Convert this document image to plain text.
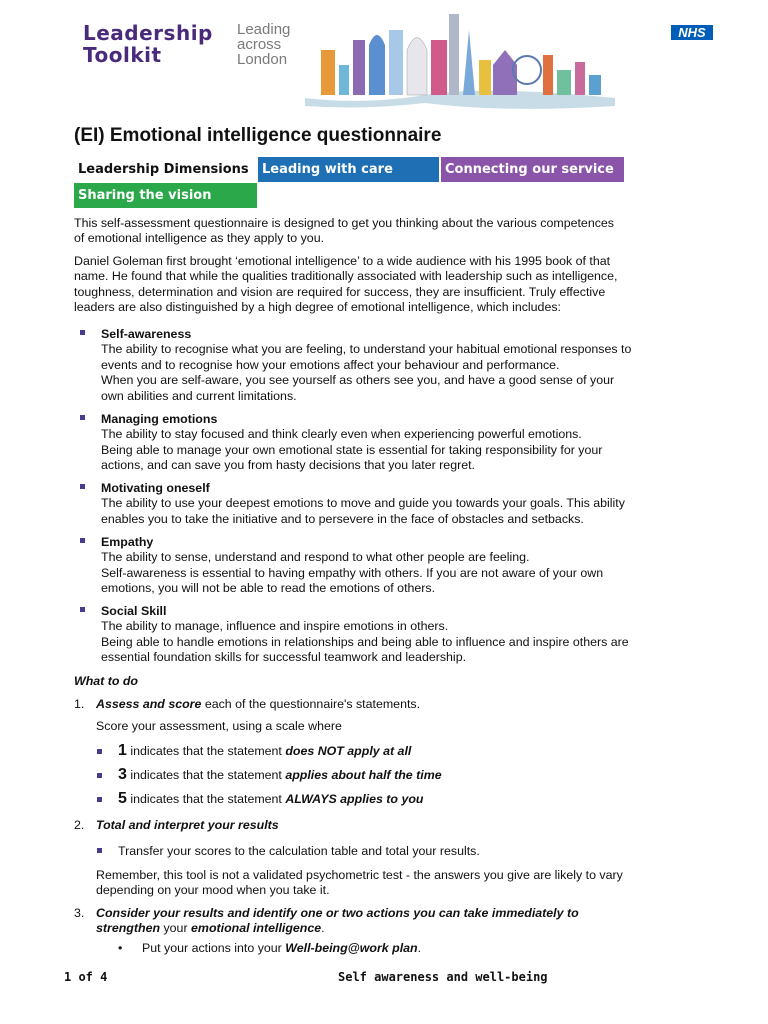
Leadership
Toolkit
Leading
across
London
NHS
(EI) Emotional intelligence questionnaire
Leadership Dimensions	Leading with care	Connecting our service
Sharing the vision
This self-assessment questionnaire is designed to get you thinking about the various competences
of emotional intelligence as they apply to you.
Daniel Goleman first brought ‘emotional intelligence’ to a wide audience with his 1995 book of that
name. He found that while the qualities traditionally associated with leadership such as intelligence,
toughness, determination and vision are required for success, they are insufficient. Truly effective
leaders are also distinguished by a high degree of emotional intelligence, which includes:
Self-awareness
The ability to recognise what you are feeling, to understand your habitual emotional responses to
events and to recognise how your emotions affect your behaviour and performance.
When you are self-aware, you see yourself as others see you, and have a good sense of your
own abilities and current limitations.
Managing emotions
The ability to stay focused and think clearly even when experiencing powerful emotions.
Being able to manage your own emotional state is essential for taking responsibility for your
actions, and can save you from hasty decisions that you later regret.
Motivating oneself
The ability to use your deepest emotions to move and guide you towards your goals. This ability
enables you to take the initiative and to persevere in the face of obstacles and setbacks.
Empathy
The ability to sense, understand and respond to what other people are feeling.
Self-awareness is essential to having empathy with others. If you are not aware of your own
emotions, you will not be able to read the emotions of others.
Social Skill
The ability to manage, influence and inspire emotions in others.
Being able to handle emotions in relationships and being able to influence and inspire others are
essential foundation skills for successful teamwork and leadership.
What to do
1. Assess and score each of the questionnaire's statements.
Score your assessment, using a scale where
1 indicates that the statement does NOT apply at all
3 indicates that the statement applies about half the time
5 indicates that the statement ALWAYS applies to you
2. Total and interpret your results
Transfer your scores to the calculation table and total your results.
Remember, this tool is not a validated psychometric test - the answers you give are likely to vary
depending on your mood when you take it.
3. Consider your results and identify one or two actions you can take immediately to
strengthen your emotional intelligence.
• Put your actions into your Well-being@work plan.
1 of 4	Self awareness and well-being
